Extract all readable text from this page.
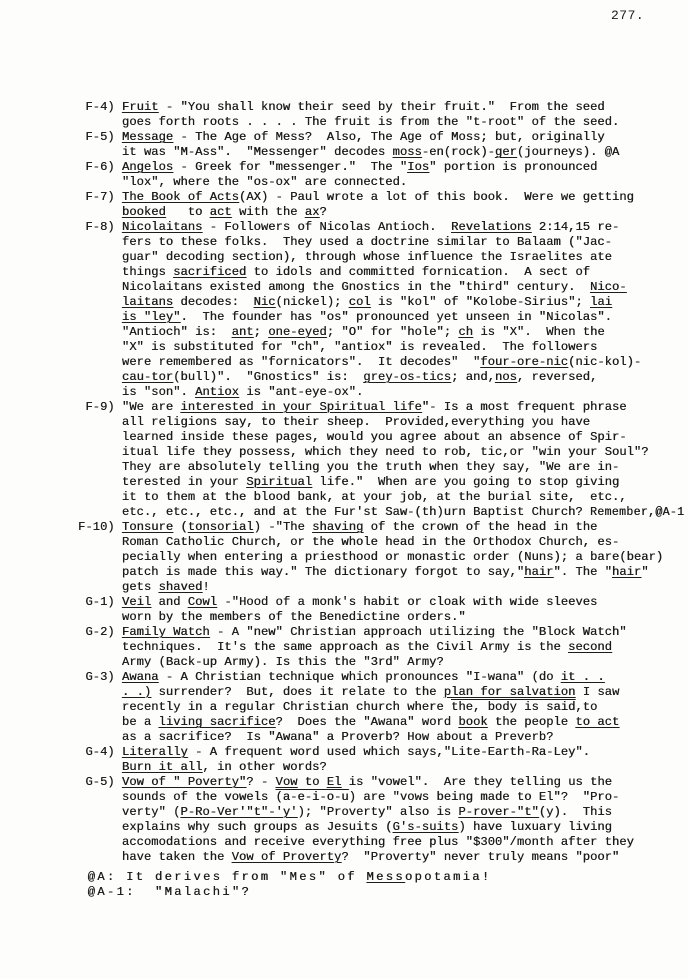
277.
F-4) Fruit - "You shall know their seed by their fruit."  From the seed
goes forth roots . . . . The fruit is from the "t-root" of the seed.
F-5) Message - The Age of Mess?  Also, The Age of Moss; but, originally
it was "M-Ass".  "Messenger" decodes moss-en(rock)-ger(journeys). @A
F-6) Angelos - Greek for "messenger."  The "Ios" portion is pronounced
"lox", where the "os-ox" are connected.
F-7) The Book of Acts(AX) - Paul wrote a lot of this book.  Were we getting
booked   to act with the ax?
F-8) Nicolaitans - Followers of Nicolas Antioch.  Revelations 2:14,15 re-
fers to these folks.  They used a doctrine similar to Balaam ("Jac-
guar" decoding section), through whose influence the Israelites ate
things sacrificed to idols and committed fornication.  A sect of
Nicolaitans existed among the Gnostics in the "third" century.  Nico-
laitans decodes:  Nic(nickel); col is "kol" of "Kolobe-Sirius"; lai
is "ley".  The founder has "os" pronounced yet unseen in "Nicolas".
"Antioch" is:  ant; one-eyed; "O" for "hole"; ch is "X".  When the
"X" is substituted for "ch", "antiox" is revealed.  The followers
were remembered as "fornicators".  It decodes"  "four-ore-nic(nic-kol)-
cau-tor(bull)".  "Gnostics" is:  grey-os-tics; and,nos, reversed,
is "son". Antiox is "ant-eye-ox".
F-9) "We are interested in your Spiritual life"- Is a most frequent phrase
all religions say, to their sheep.  Provided,everything you have
learned inside these pages, would you agree about an absence of Spir-
itual life they possess, which they need to rob, tic,or "win your Soul"?
They are absolutely telling you the truth when they say, "We are in-
terested in your Spiritual life."  When are you going to stop giving
it to them at the blood bank, at your job, at the burial site,  etc.,
etc., etc., etc., and at the Fur'st Saw-(th)urn Baptist Church? Remember,@A-1
F-10) Tonsure (tonsorial) -"The shaving of the crown of the head in the
Roman Catholic Church, or the whole head in the Orthodox Church, es-
pecially when entering a priesthood or monastic order (Nuns); a bare(bear)
patch is made this way." The dictionary forgot to say,"hair". The "hair"
gets shaved!
G-1) Veil and Cowl -"Hood of a monk's habit or cloak with wide sleeves
worn by the members of the Benedictine orders."
G-2) Family Watch - A "new" Christian approach utilizing the "Block Watch"
techniques.  It's the same approach as the Civil Army is the second
Army (Back-up Army). Is this the "3rd" Army?
G-3) Awana - A Christian technique which pronounces "I-wana" (do it . .
. .) surrender?  But, does it relate to the plan for salvation I saw
recently in a regular Christian church where the, body is said,to
be a living sacrifice?  Does the "Awana" word book the people to act
as a sacrifice?  Is "Awana" a Proverb? How about a Preverb?
G-4) Literally - A frequent word used which says,"Lite-Earth-Ra-Ley".
Burn it all, in other words?
G-5) Vow of " Poverty"? - Vow to El is "vowel".  Are they telling us the
sounds of the vowels (a-e-i-o-u) are "vows being made to El"?  "Pro-
verty" (P-Ro-Ver'"t"-'y'); "Proverty" also is P-rover-"t"(y).  This
explains why such groups as Jesuits (G's-suits) have luxuary living
accomodations and receive everything free plus "$300"/month after they
have taken the Vow of Proverty?  "Proverty" never truly means "poor"
@A: It derives from "Mes" of Messopotamia!
@A-1:  "Malachi"?
